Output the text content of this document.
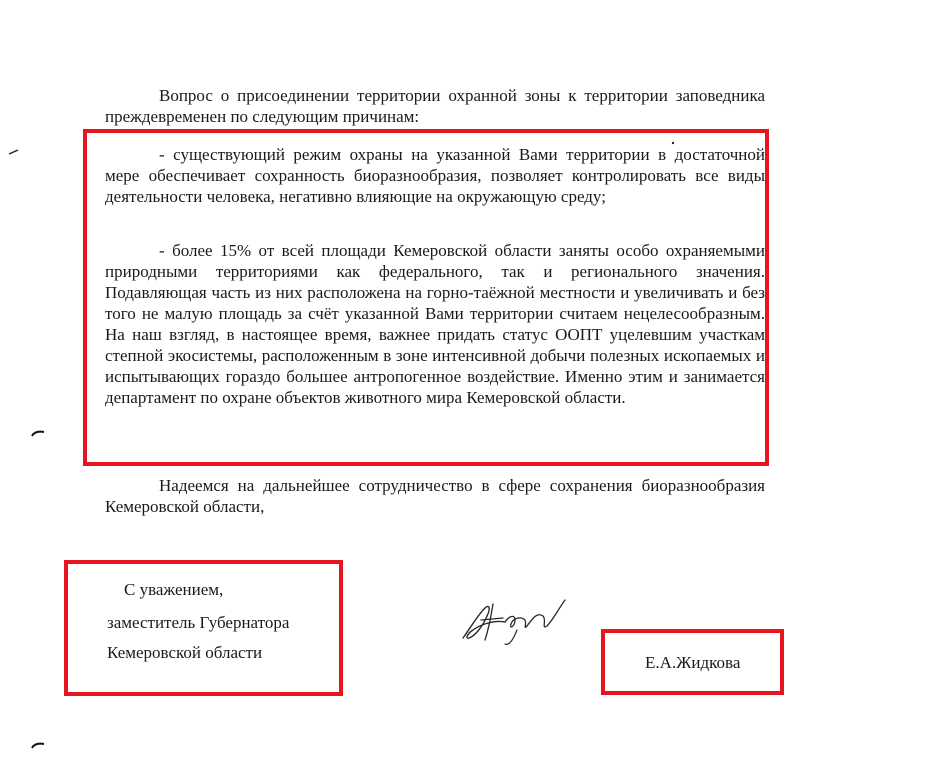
Вопрос о присоединении территории охранной зоны к территории заповедника преждевременен по следующим причинам:

- существующий режим охраны на указанной Вами территории в достаточной мере обеспечивает сохранность биоразнообразия, позволяет контролировать все виды деятельности человека, негативно влияющие на окружающую среду;

- более 15% от всей площади Кемеровской области заняты особо охраняемыми природными территориями как федерального, так и регионального значения. Подавляющая часть из них расположена на горно-таёжной местности и увеличивать и без того не малую площадь за счёт указанной Вами территории считаем нецелесообразным. На наш взгляд, в настоящее время, важнее придать статус ООПТ уцелевшим участкам степной экосистемы, расположенным в зоне интенсивной добычи полезных ископаемых и испытывающих гораздо большее антропогенное воздействие. Именно этим и занимается департамент по охране объектов животного мира Кемеровской области.

Надеемся на дальнейшее сотрудничество в сфере сохранения биоразнообразия Кемеровской области,

С уважением,
заместитель Губернатора
Кемеровской области
Е.А.Жидкова
